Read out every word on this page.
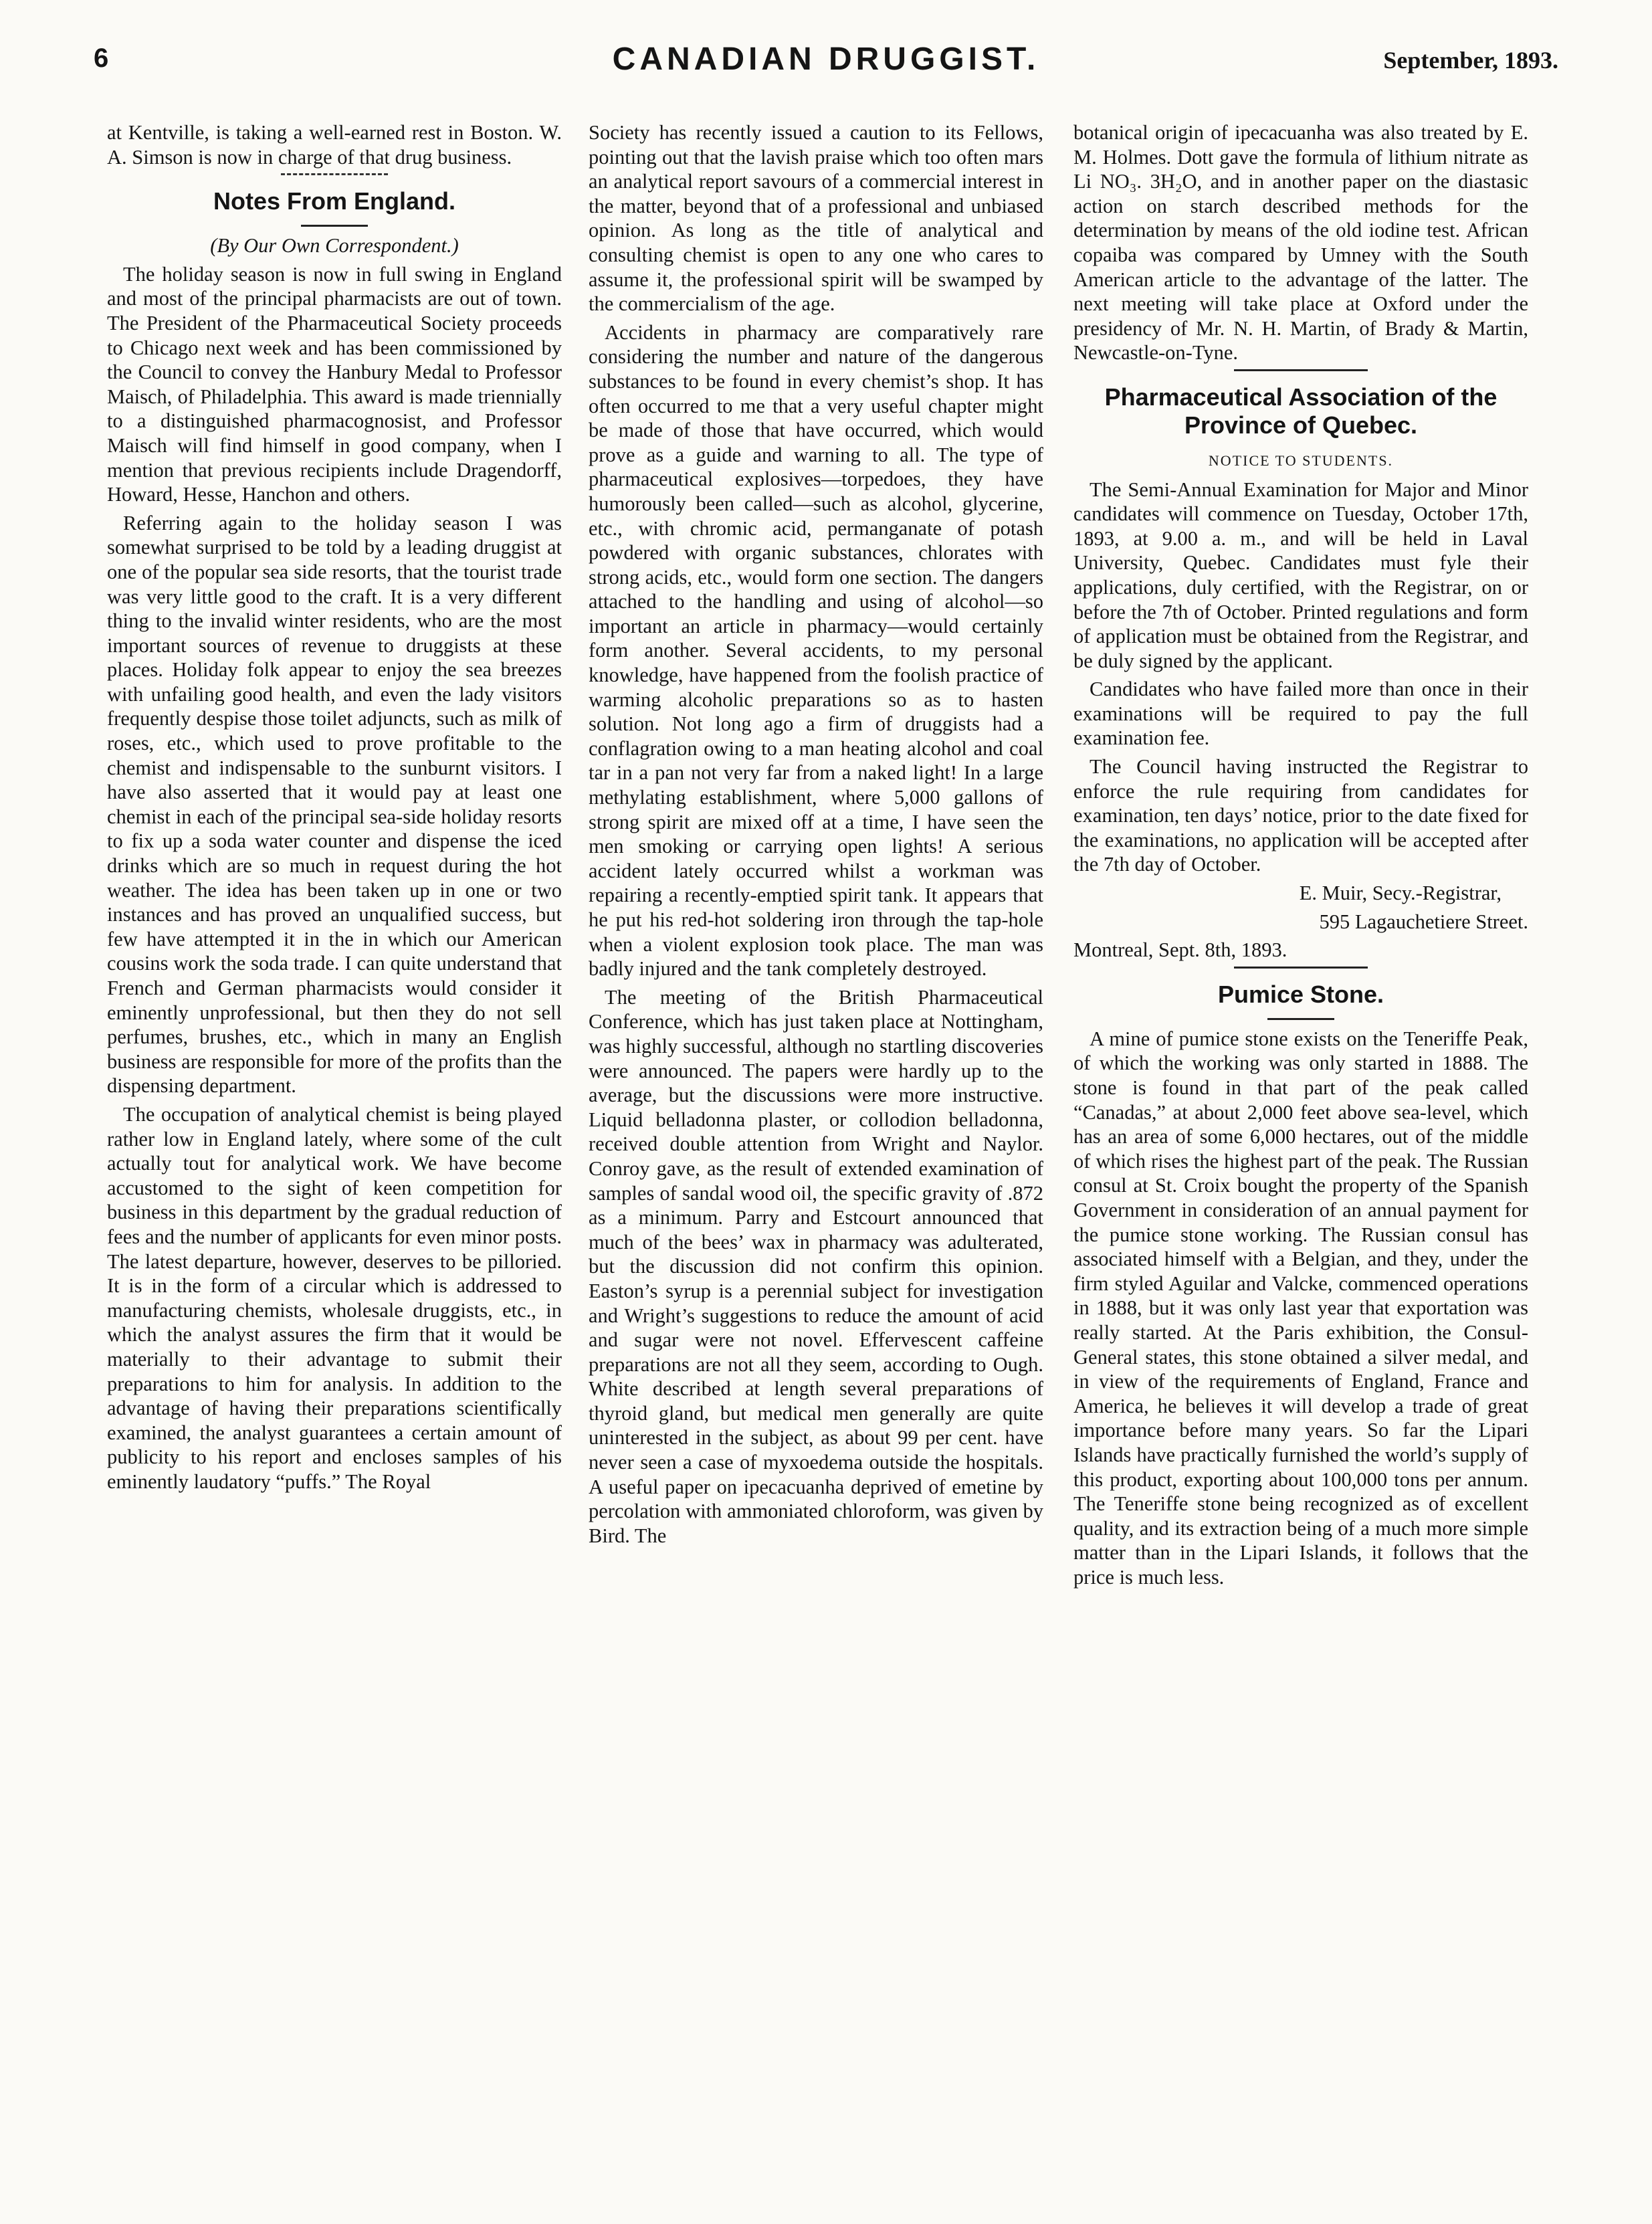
6	CANADIAN DRUGGIST.	September, 1893.

at Kentville, is taking a well-earned rest in Boston. W. A. Simson is now in charge of that drug business.

Notes From England.

(By Our Own Correspondent.)

The holiday season is now in full swing in England and most of the principal pharmacists are out of town. The President of the Pharmaceutical Society proceeds to Chicago next week and has been commissioned by the Council to convey the Hanbury Medal to Professor Maisch, of Philadelphia. This award is made triennially to a distinguished pharmacognosist, and Professor Maisch will find himself in good company, when I mention that previous recipients include Dragendorff, Howard, Hesse, Hanchon and others.

Referring again to the holiday season I was somewhat surprised to be told by a leading druggist at one of the popular sea side resorts, that the tourist trade was very little good to the craft. It is a very different thing to the invalid winter residents, who are the most important sources of revenue to druggists at these places. Holiday folk appear to enjoy the sea breezes with unfailing good health, and even the lady visitors frequently despise those toilet adjuncts, such as milk of roses, etc., which used to prove profitable to the chemist and indispensable to the sunburnt visitors. I have also asserted that it would pay at least one chemist in each of the principal sea-side holiday resorts to fix up a soda water counter and dispense the iced drinks which are so much in request during the hot weather. The idea has been taken up in one or two instances and has proved an unqualified success, but few have attempted it in the in which our American cousins work the soda trade. I can quite understand that French and German pharmacists would consider it eminently unprofessional, but then they do not sell perfumes, brushes, etc., which in many an English business are responsible for more of the profits than the dispensing department.

The occupation of analytical chemist is being played rather low in England lately, where some of the cult actually tout for analytical work. We have become accustomed to the sight of keen competition for business in this department by the gradual reduction of fees and the number of applicants for even minor posts. The latest departure, however, deserves to be pilloried. It is in the form of a circular which is addressed to manufacturing chemists, wholesale druggists, etc., in which the analyst assures the firm that it would be materially to their advantage to submit their preparations to him for analysis. In addition to the advantage of having their preparations scientifically examined, the analyst guarantees a certain amount of publicity to his report and encloses samples of his eminently laudatory “puffs.” The Royal

Society has recently issued a caution to its Fellows, pointing out that the lavish praise which too often mars an analytical report savours of a commercial interest in the matter, beyond that of a professional and unbiased opinion. As long as the title of analytical and consulting chemist is open to any one who cares to assume it, the professional spirit will be swamped by the commercialism of the age.

Accidents in pharmacy are comparatively rare considering the number and nature of the dangerous substances to be found in every chemist’s shop. It has often occurred to me that a very useful chapter might be made of those that have occurred, which would prove as a guide and warning to all. The type of pharmaceutical explosives—torpedoes, they have humorously been called—such as alcohol, glycerine, etc., with chromic acid, permanganate of potash powdered with organic substances, chlorates with strong acids, etc., would form one section. The dangers attached to the handling and using of alcohol—so important an article in pharmacy—would certainly form another. Several accidents, to my personal knowledge, have happened from the foolish practice of warming alcoholic preparations so as to hasten solution. Not long ago a firm of druggists had a conflagration owing to a man heating alcohol and coal tar in a pan not very far from a naked light! In a large methylating establishment, where 5,000 gallons of strong spirit are mixed off at a time, I have seen the men smoking or carrying open lights! A serious accident lately occurred whilst a workman was repairing a recently-emptied spirit tank. It appears that he put his red-hot soldering iron through the tap-hole when a violent explosion took place. The man was badly injured and the tank completely destroyed.

The meeting of the British Pharmaceutical Conference, which has just taken place at Nottingham, was highly successful, although no startling discoveries were announced. The papers were hardly up to the average, but the discussions were more instructive. Liquid belladonna plaster, or collodion belladonna, received double attention from Wright and Naylor. Conroy gave, as the result of extended examination of samples of sandal wood oil, the specific gravity of .872 as a minimum. Parry and Estcourt announced that much of the bees’ wax in pharmacy was adulterated, but the discussion did not confirm this opinion. Easton’s syrup is a perennial subject for investigation and Wright’s suggestions to reduce the amount of acid and sugar were not novel. Effervescent caffeine preparations are not all they seem, according to Ough. White described at length several preparations of thyroid gland, but medical men generally are quite uninterested in the subject, as about 99 per cent. have never seen a case of myxoedema outside the hospitals. A useful paper on ipecacuanha deprived of emetine by percolation with ammoniated chloroform, was given by Bird. The

botanical origin of ipecacuanha was also treated by E. M. Holmes. Dott gave the formula of lithium nitrate as Li NO₃. 3H₂O, and in another paper on the diastasic action on starch described methods for the determination by means of the old iodine test. African copaiba was compared by Umney with the South American article to the advantage of the latter. The next meeting will take place at Oxford under the presidency of Mr. N. H. Martin, of Brady & Martin, Newcastle-on-Tyne.

Pharmaceutical Association of the Province of Quebec.

NOTICE TO STUDENTS.

The Semi-Annual Examination for Major and Minor candidates will commence on Tuesday, October 17th, 1893, at 9.00 a. m., and will be held in Laval University, Quebec. Candidates must fyle their applications, duly certified, with the Registrar, on or before the 7th of October. Printed regulations and form of application must be obtained from the Registrar, and be duly signed by the applicant.

Candidates who have failed more than once in their examinations will be required to pay the full examination fee.

The Council having instructed the Registrar to enforce the rule requiring from candidates for examination, ten days’ notice, prior to the date fixed for the examinations, no application will be accepted after the 7th day of October.

E. Muir, Secy.-Registrar,

595 Lagauchetiere Street.

Montreal, Sept. 8th, 1893.

Pumice Stone.

A mine of pumice stone exists on the Teneriffe Peak, of which the working was only started in 1888. The stone is found in that part of the peak called “Canadas,” at about 2,000 feet above sea-level, which has an area of some 6,000 hectares, out of the middle of which rises the highest part of the peak. The Russian consul at St. Croix bought the property of the Spanish Government in consideration of an annual payment for the pumice stone working. The Russian consul has associated himself with a Belgian, and they, under the firm styled Aguilar and Valcke, commenced operations in 1888, but it was only last year that exportation was really started. At the Paris exhibition, the Consul-General states, this stone obtained a silver medal, and in view of the requirements of England, France and America, he believes it will develop a trade of great importance before many years. So far the Lipari Islands have practically furnished the world’s supply of this product, exporting about 100,000 tons per annum. The Teneriffe stone being recognized as of excellent quality, and its extraction being of a much more simple matter than in the Lipari Islands, it follows that the price is much less.
